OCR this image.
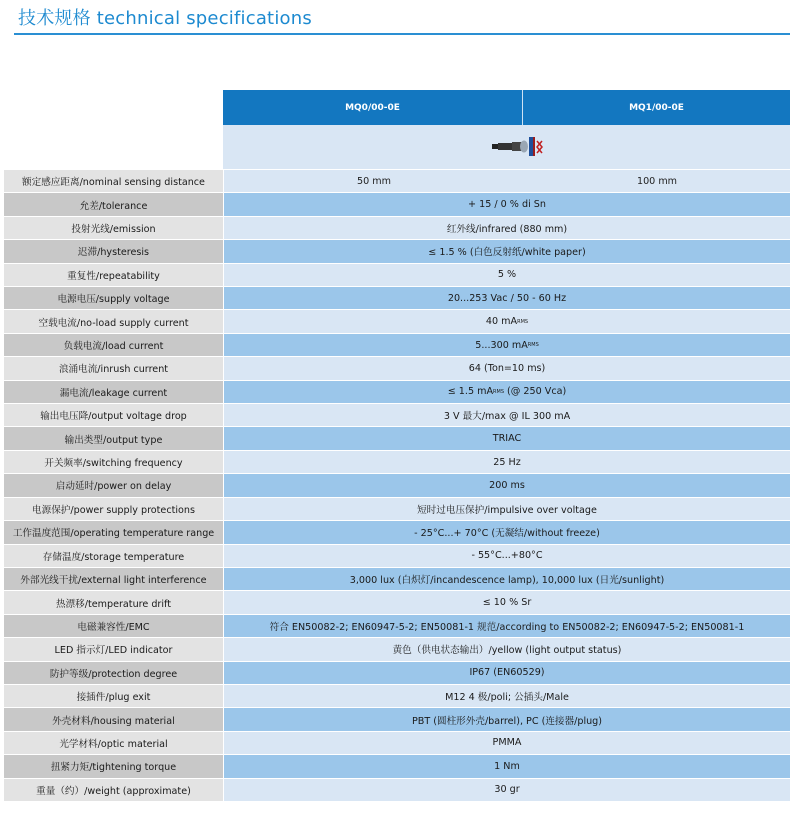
技术规格 technical specifications
MQ0/00-0E	MQ1/00-0E
额定感应距离/nominal sensing distance	50 mm	100 mm
允差/tolerance	+ 15 / 0 % di Sn
投射光线/emission	红外线/infrared (880 mm)
迟滞/hysteresis	≤ 1.5 % (白色反射纸/white paper)
重复性/repeatability	5 %
电源电压/supply voltage	20...253 Vac / 50 - 60 Hz
空载电流/no-load supply current	40 mA RMS
负载电流/load current	5...300 mA RMS
浪涌电流/inrush current	64 (Ton=10 ms)
漏电流/leakage current	≤ 1.5 mA RMS (@ 250 Vca)
输出电压降/output voltage drop	3 V 最大/max @ IL 300 mA
输出类型/output type	TRIAC
开关频率/switching frequency	25 Hz
启动延时/power on delay	200 ms
电源保护/power supply protections	短时过电压保护/impulsive over voltage
工作温度范围/operating temperature range	- 25°C...+ 70°C (无凝结/without freeze)
存储温度/storage temperature	- 55°C...+80°C
外部光线干扰/external light interference	3,000 lux (白炽灯/incandescence lamp), 10,000 lux (日光/sunlight)
热漂移/temperature drift	≤ 10 % Sr
电磁兼容性/EMC	符合 EN50082-2; EN60947-5-2; EN50081-1 规范/according to EN50082-2; EN60947-5-2; EN50081-1
LED 指示灯/LED indicator	黄色（供电状态输出）/yellow (light output status)
防护等级/protection degree	IP67 (EN60529)
接插件/plug exit	M12 4 极/poli; 公插头/Male
外壳材料/housing material	PBT (圆柱形外壳/barrel), PC (连接器/plug)
光学材料/optic material	PMMA
扭紧力矩/tightening torque	1 Nm
重量（约）/weight (approximate)	30 gr
